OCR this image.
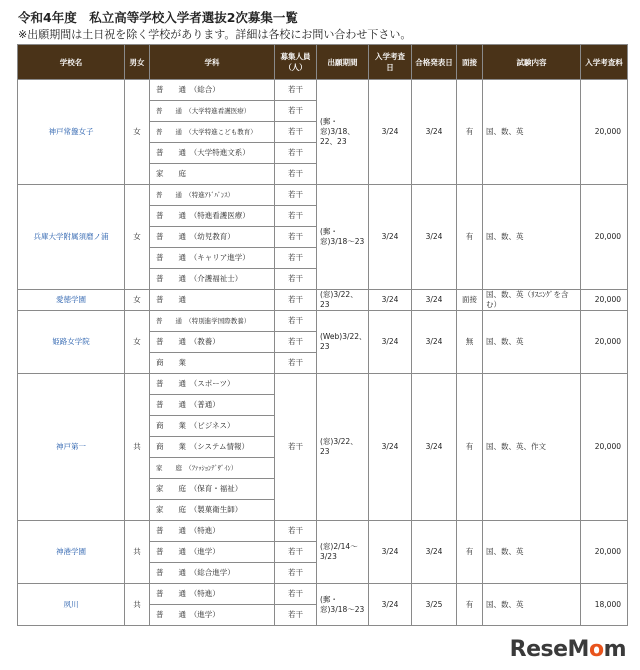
令和4年度　私立高等学校入学者選抜2次募集一覧
※出願期間は土日祝を除く学校があります。詳細は各校にお問い合わせ下さい。
学校名	男女	学科	募集人員（人）	出願期間	入学考査日	合格発表日	面接	試験内容	入学考査料
神戸常盤女子	女	普　　通　（総合）	若干	(郵・窓)3/18、22、23	3/24	3/24	有	国、数、英	20,000
		普　　通　（大学特進看護医療）	若干						
		普　　通　（大学特進こども教育）	若干						
		普　　通　（大学特進文系）	若干						
		家　　庭	若干						
兵庫大学附属須磨ノ浦	女	普　　通　（特進ｱﾄﾞﾊﾞﾝｽ）	若干	(郵・窓)3/18～23	3/24	3/24	有	国、数、英	20,000
		普　　通　（特進看護医療）	若干						
		普　　通　（幼児教育）	若干						
		普　　通　（キャリア進学）	若干						
		普　　通　（介護福祉士）	若干						
愛徳学園	女	普　　通	若干	(窓)3/22、23	3/24	3/24	面接	国、数、英（ﾘｽﾆﾝｸﾞを含む）	20,000
姫路女学院	女	普　　通　（特別進学国際教養）	若干	(Web)3/22、23	3/24	3/24	無	国、数、英	20,000
		普　　通　（教養）	若干						
		商　　業	若干						
神戸第一	共	普　　通　（スポーツ）	若干	(窓)3/22、23	3/24	3/24	有	国、数、英、作文	20,000
		普　　通　（普通）							
		商　　業　（ビジネス）							
		商　　業　（システム情報）							
		家　　庭　（ﾌｧｯｼｮﾝﾃﾞｻﾞｲﾝ）							
		家　　庭　（保育・福祉）							
		家　　庭　（製菓衛生師）							
神港学園	共	普　　通　（特進）	若干	(窓)2/14～3/23	3/24	3/24	有	国、数、英	20,000
		普　　通　（進学）	若干						
		普　　通　（総合進学）	若干						
夙川	共	普　　通　（特進）	若干	(郵・窓)3/18～23	3/24	3/25	有	国、数、英	18,000
		普　　通　（進学）	若干						
ReseMom
